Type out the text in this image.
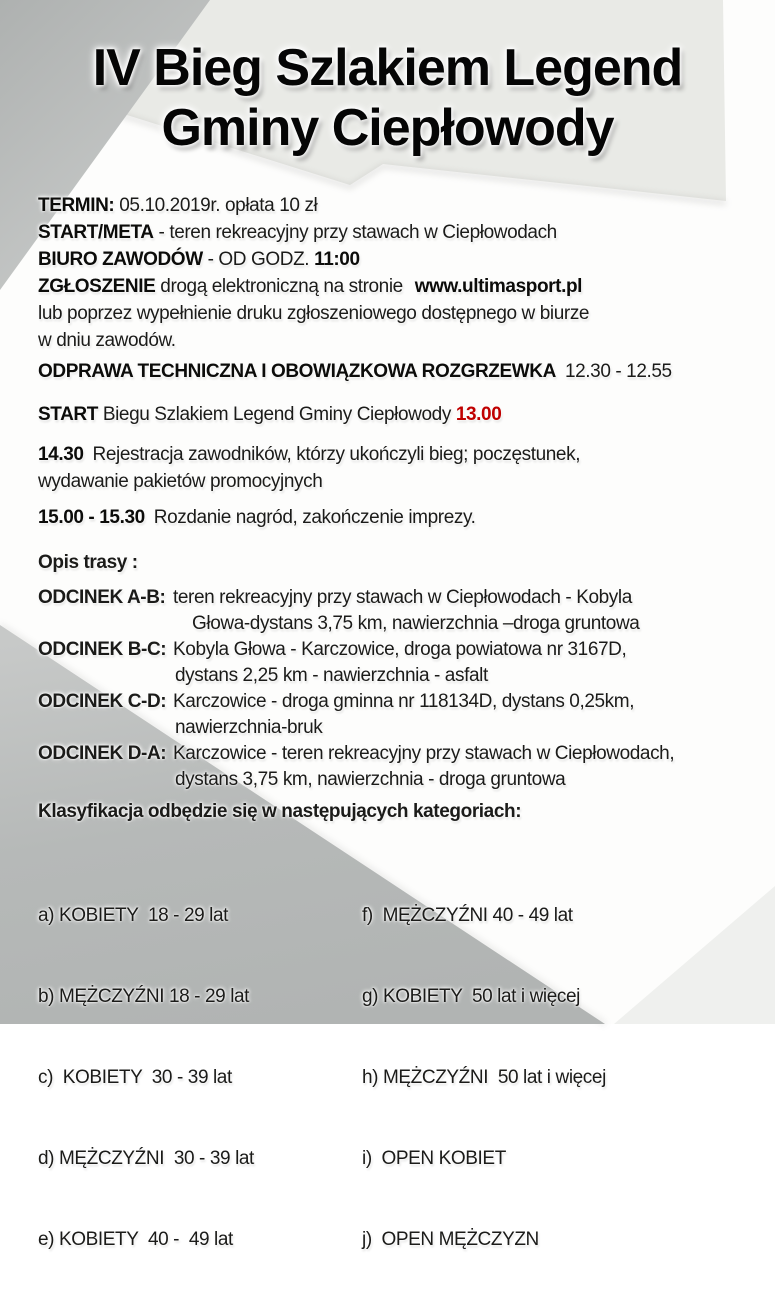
IV Bieg Szlakiem Legend
Gminy Ciepłowody

TERMIN: 05.10.2019r. opłata 10 zł

START/META - teren rekreacyjny przy stawach w Ciepłowodach

BIURO ZAWODÓW - OD GODZ. 11:00

ZGŁOSZENIE drogą elektroniczną na stronie www.ultimasport.pl

lub poprzez wypełnienie druku zgłoszeniowego dostępnego w biurze

w dniu zawodów.

ODPRAWA TECHNICZNA I OBOWIĄZKOWA ROZGRZEWKA 12.30 - 12.55

START Biegu Szlakiem Legend Gminy Ciepłowody 13.00

14.30 Rejestracja zawodników, którzy ukończyli bieg; poczęstunek,

wydawanie pakietów promocyjnych

15.00 - 15.30 Rozdanie nagród, zakończenie imprezy.

Opis trasy :

ODCINEK A-B: teren rekreacyjny przy stawach w Ciepłowodach - Kobyla
Głowa-dystans 3,75 km, nawierzchnia –droga gruntowa
ODCINEK B-C: Kobyla Głowa - Karczowice, droga powiatowa nr 3167D,
dystans 2,25 km - nawierzchnia - asfalt
ODCINEK C-D: Karczowice - droga gminna nr 118134D, dystans 0,25km,
nawierzchnia-bruk
ODCINEK D-A: Karczowice - teren rekreacyjny przy stawach w Ciepłowodach,
dystans 3,75 km, nawierzchnia - droga gruntowa

Klasyfikacja odbędzie się w następujących kategoriach:

a) KOBIETY  18 - 29 lat

b) MĘŻCZYŹNI 18 - 29 lat

c)  KOBIETY  30 - 39 lat

d) MĘŻCZYŹNI  30 - 39 lat

e) KOBIETY  40 -  49 lat

f)  MĘŻCZYŹNI 40 - 49 lat

g) KOBIETY  50 lat i więcej

h) MĘŻCZYŹNI  50 lat i więcej

i)  OPEN KOBIET

j)  OPEN MĘŻCZYZN
